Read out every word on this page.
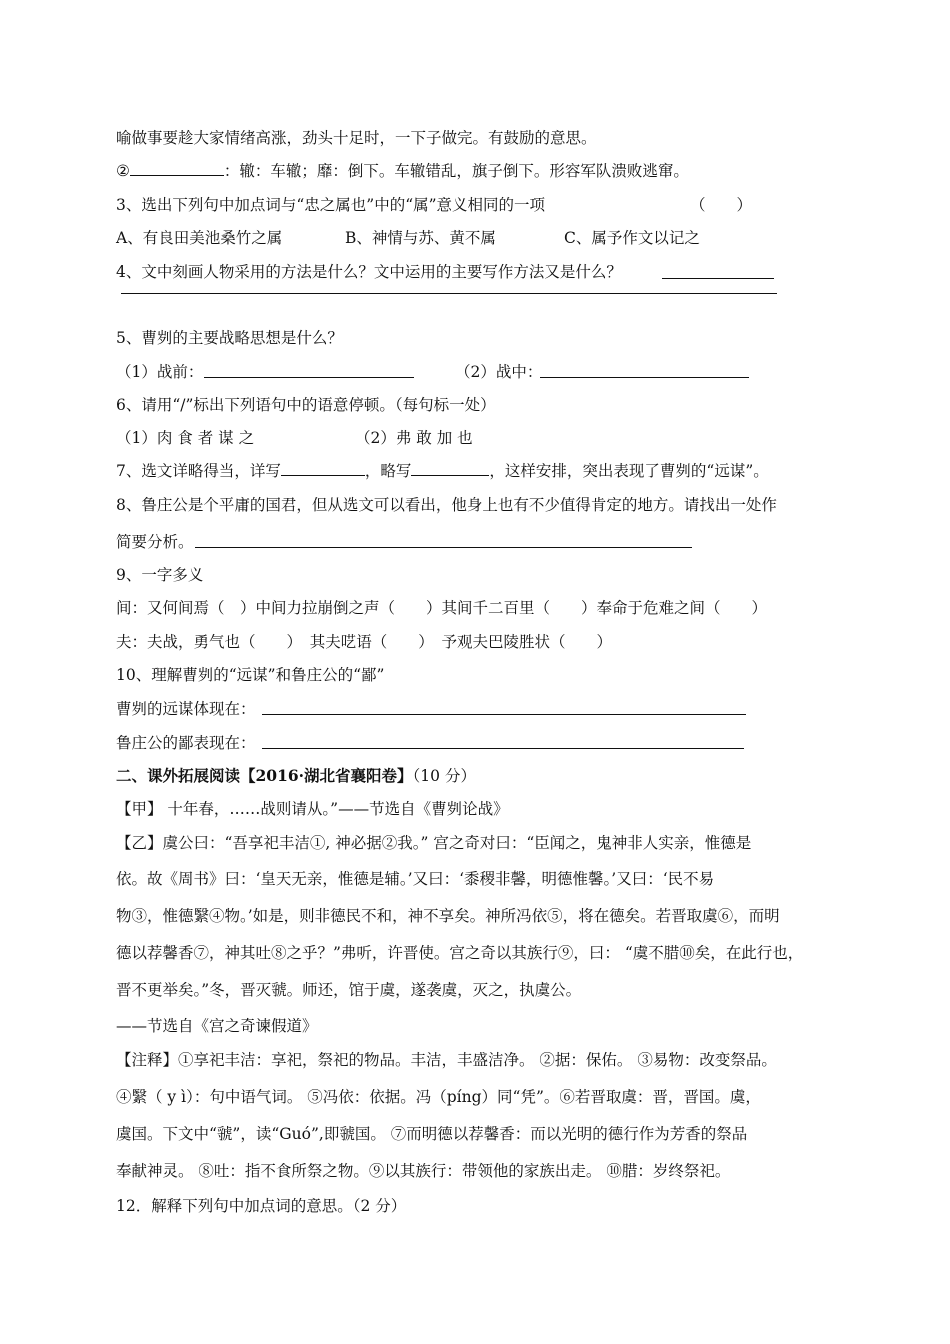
喻做事要趁大家情绪高涨，劲头十足时，一下子做完。有鼓励的意思。
②	：辙：车辙；靡：倒下。车辙错乱，旗子倒下。形容军队溃败逃窜。
3、选出下列句中加点词与“忠之属也”中的“属”意义相同的一项	（　　）
A、有良田美池桑竹之属	B、神情与苏、黄不属	C、属予作文以记之
4、文中刻画人物采用的方法是什么？文中运用的主要写作方法又是什么？
5、曹刿的主要战略思想是什么？
（1）战前：	（2）战中：
6、请用“/”标出下列语句中的语意停顿。（每句标一处）
（1）肉 食 者 谋 之	（2）弗 敢 加 也
7、选文详略得当，详写	，略写	，这样安排，突出表现了曹刿的“远谋”。
8、鲁庄公是个平庸的国君，但从选文可以看出，他身上也有不少值得肯定的地方。请找出一处作
简要分析。
9、一字多义
间：又何间焉（　）中间力拉崩倒之声（　　）其间千二百里（　　）奉命于危难之间（　　）
夫：夫战，勇气也（　　）　其夫呓语（　　）　予观夫巴陵胜状（　　）
10、理解曹刿的“远谋”和鲁庄公的“鄙”
曹刿的远谋体现在：
鲁庄公的鄙表现在：
二、课外拓展阅读【2016·湖北省襄阳卷】（10 分）
【甲】 十年春，……战则请从。”——节选自《曹刿论战》
【乙】虞公曰：“吾享祀丰洁①, 神必据②我。” 宫之奇对曰：“臣闻之，鬼神非人实亲，惟德是
依。故《周书》曰：‘皇天无亲，惟德是辅。’又曰：‘黍稷非馨，明德惟馨。’又曰：‘民不易
物③，惟德繄④物。’如是，则非德民不和，神不享矣。神所冯依⑤，将在德矣。若晋取虞⑥，而明
德以荐馨香⑦，神其吐⑧之乎？”弗听，许晋使。宫之奇以其族行⑨，曰： “虞不腊⑩矣，在此行也，
晋不更举矣。”冬，晋灭虢。师还，馆于虞，遂袭虞，灭之，执虞公。
——节选自《宫之奇谏假道》
【注释】①享祀丰洁：享祀，祭祀的物品。丰洁，丰盛洁净。 ②据：保佑。 ③易物：改变祭品。
④繄（ y ì）：句中语气词。 ⑤冯依：依据。冯（píng）同“凭”。⑥若晋取虞：晋，晋国。虞，
虞国。下文中“虢”，读“Guó”,即虢国。 ⑦而明德以荐馨香：而以光明的德行作为芳香的祭品
奉献神灵。 ⑧吐：指不食所祭之物。⑨以其族行：带领他的家族出走。 ⑩腊：岁终祭祀。
12．解释下列句中加点词的意思。（2 分）
